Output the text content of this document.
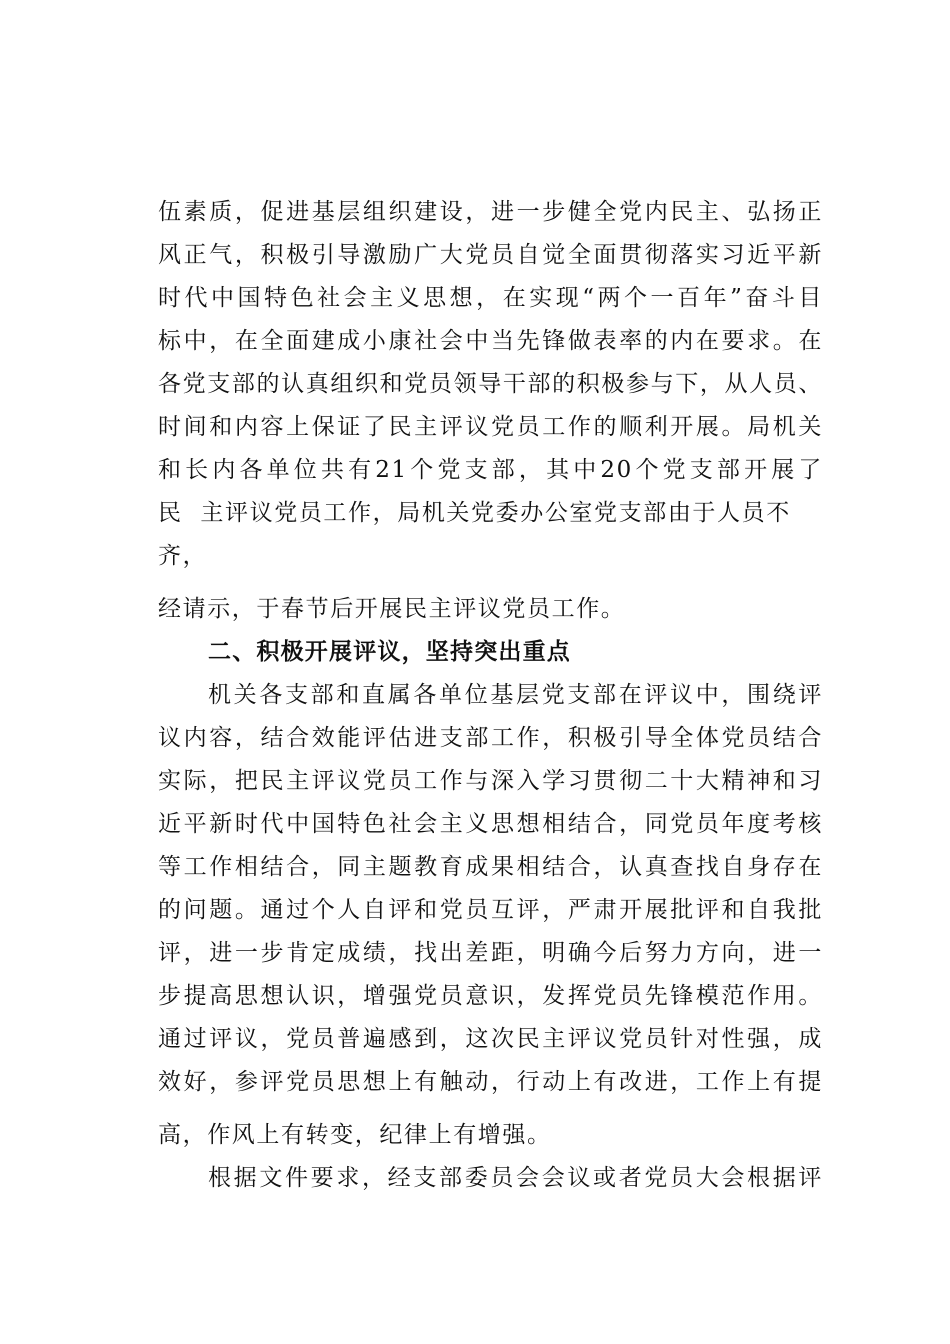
伍素质，促进基层组织建设，进一步健全党内民主、弘扬正
风正气，积极引导激励广大党员自觉全面贯彻落实习近平新
时代中国特色社会主义思想，在实现“两个一百年”奋斗目
标中，在全面建成小康社会中当先锋做表率的内在要求。在
各党支部的认真组织和党员领导干部的积极参与下，从人员、
时间和内容上保证了民主评议党员工作的顺利开展。局机关
和长内各单位共有21个党支部，其中20个党支部开展了
民  主评议党员工作，局机关党委办公室党支部由于人员不
齐，
经请示，于春节后开展民主评议党员工作。
二、积极开展评议，坚持突出重点
机关各支部和直属各单位基层党支部在评议中，围绕评
议内容，结合效能评估进支部工作，积极引导全体党员结合
实际，把民主评议党员工作与深入学习贯彻二十大精神和习
近平新时代中国特色社会主义思想相结合，同党员年度考核
等工作相结合，同主题教育成果相结合，认真查找自身存在
的问题。通过个人自评和党员互评，严肃开展批评和自我批
评，进一步肯定成绩，找出差距，明确今后努力方向，进一
步提高思想认识，增强党员意识，发挥党员先锋模范作用。
通过评议，党员普遍感到，这次民主评议党员针对性强，成
效好，参评党员思想上有触动，行动上有改进，工作上有提
高，作风上有转变，纪律上有增强。
根据文件要求，经支部委员会会议或者党员大会根据评
